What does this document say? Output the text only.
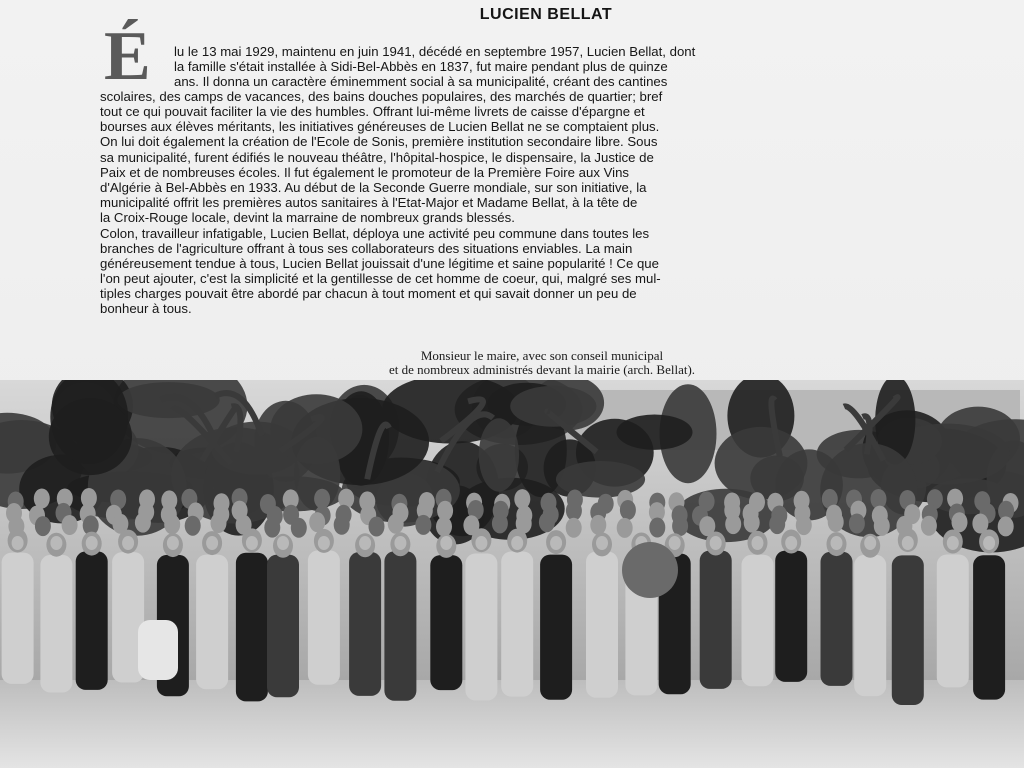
LUCIEN BELLAT
É lu le 13 mai 1929, maintenu en juin 1941, décédé en septembre 1957, Lucien Bellat, dont
la famille s'était installée à Sidi-Bel-Abbès en 1837, fut maire pendant plus de quinze
ans. Il donna un caractère éminemment social à sa municipalité, créant des cantines
scolaires, des camps de vacances, des bains douches populaires, des marchés de quartier; bref
tout ce qui pouvait faciliter la vie des humbles. Offrant lui-même livrets de caisse d'épargne et
bourses aux élèves méritants, les initiatives généreuses de Lucien Bellat ne se comptaient plus.
On lui doit également la création de l'Ecole de Sonis, première institution secondaire libre. Sous
sa municipalité, furent édifiés le nouveau théâtre, l'hôpital-hospice, le dispensaire, la Justice de
Paix et de nombreuses écoles. Il fut également le promoteur de la Première Foire aux Vins
d'Algérie à Bel-Abbès en 1933. Au début de la Seconde Guerre mondiale, sur son initiative, la
municipalité offrit les premières autos sanitaires à l'Etat-Major et Madame Bellat, à la tête de
la Croix-Rouge locale, devint la marraine de nombreux grands blessés.
Colon, travailleur infatigable, Lucien Bellat, déploya une activité peu commune dans toutes les
branches de l'agriculture offrant à tous ses collaborateurs des situations enviables. La main
généreusement tendue à tous, Lucien Bellat jouissait d'une légitime et saine popularité ! Ce que
l'on peut ajouter, c'est la simplicité et la gentillesse de cet homme de coeur, qui, malgré ses mul-
tiples charges pouvait être abordé par chacun à tout moment et qui savait donner un peu de
bonheur à tous.
Monsieur le maire, avec son conseil municipal
et de nombreux administrés devant la mairie (arch. Bellat).
